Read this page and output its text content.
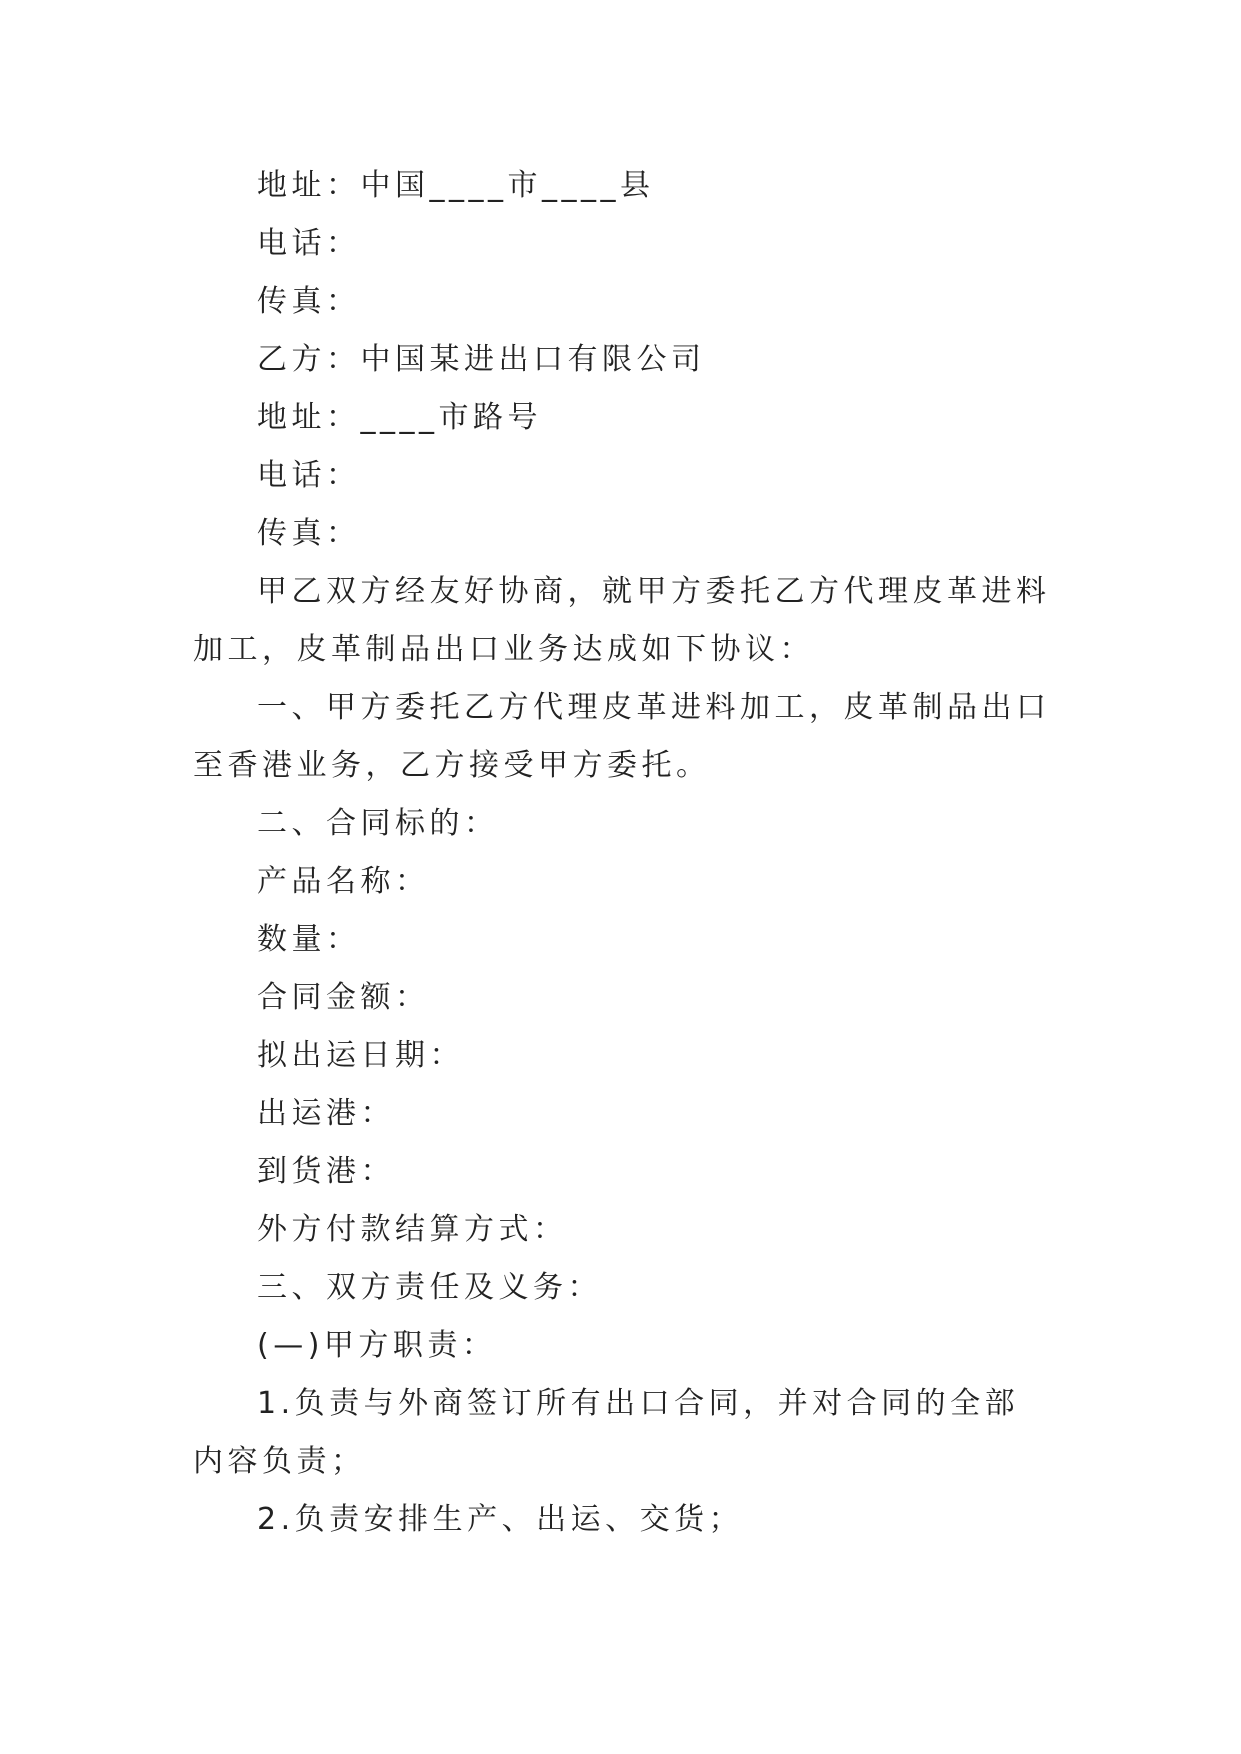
地址：中国____市____县
电话：
传真：
乙方：中国某进出口有限公司
地址：____市路号
电话：
传真：
甲乙双方经友好协商，就甲方委托乙方代理皮革进料加工，皮革制品出口业务达成如下协议：
一、甲方委托乙方代理皮革进料加工，皮革制品出口至香港业务，乙方接受甲方委托。
二、合同标的：
产品名称：
数量：
合同金额：
拟出运日期：
出运港：
到货港：
外方付款结算方式：
三、双方责任及义务：
(—)甲方职责：
1.负责与外商签订所有出口合同，并对合同的全部内容负责；
2.负责安排生产、出运、交货；
